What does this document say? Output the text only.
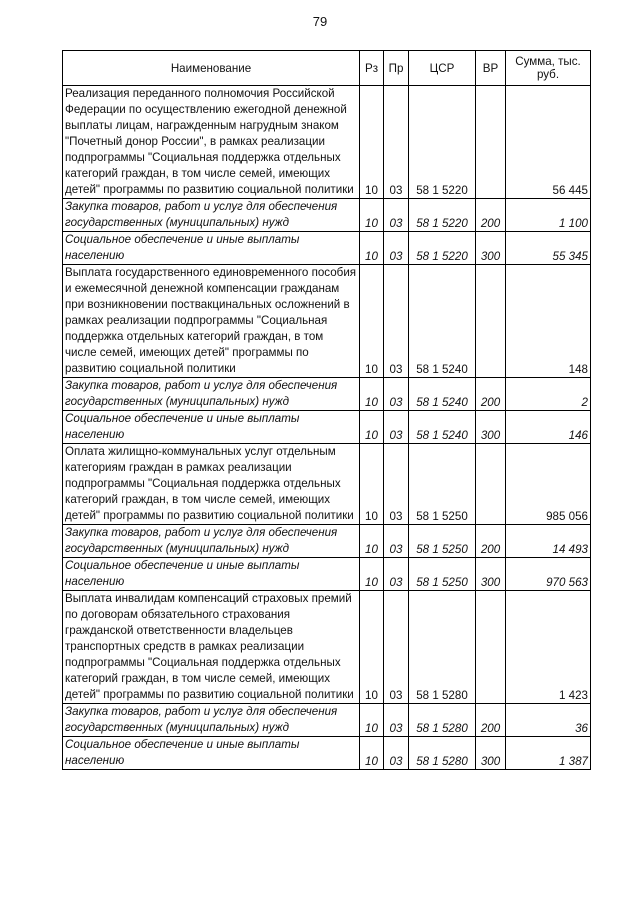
79
Наименование	Рз	Пр	ЦСР	ВР	Сумма, тыс. руб.
Реализация переданного полномочия Российской Федерации по осуществлению ежегодной денежной выплаты лицам, награжденным нагрудным знаком "Почетный донор России", в рамках реализации подпрограммы "Социальная поддержка отдельных категорий граждан, в том числе семей, имеющих детей" программы по развитию социальной политики	10	03	58 1 5220		56 445
Закупка товаров, работ и услуг для обеспечения государственных (муниципальных) нужд	10	03	58 1 5220	200	1 100
Социальное обеспечение и иные выплаты населению	10	03	58 1 5220	300	55 345
Выплата государственного единовременного пособия и ежемесячной денежной компенсации гражданам при возникновении поствакцинальных осложнений в рамках реализации подпрограммы "Социальная поддержка отдельных категорий граждан, в том числе семей, имеющих детей" программы по развитию социальной политики	10	03	58 1 5240		148
Закупка товаров, работ и услуг для обеспечения государственных (муниципальных) нужд	10	03	58 1 5240	200	2
Социальное обеспечение и иные выплаты населению	10	03	58 1 5240	300	146
Оплата жилищно-коммунальных услуг отдельным категориям граждан в рамках реализации подпрограммы "Социальная поддержка отдельных категорий граждан, в том числе семей, имеющих детей" программы по развитию социальной политики	10	03	58 1 5250		985 056
Закупка товаров, работ и услуг для обеспечения государственных (муниципальных) нужд	10	03	58 1 5250	200	14 493
Социальное обеспечение и иные выплаты населению	10	03	58 1 5250	300	970 563
Выплата инвалидам компенсаций страховых премий по договорам обязательного страхования гражданской ответственности владельцев транспортных средств в рамках реализации подпрограммы "Социальная поддержка отдельных категорий граждан, в том числе семей, имеющих детей" программы по развитию социальной политики	10	03	58 1 5280		1 423
Закупка товаров, работ и услуг для обеспечения государственных (муниципальных) нужд	10	03	58 1 5280	200	36
Социальное обеспечение и иные выплаты населению	10	03	58 1 5280	300	1 387
